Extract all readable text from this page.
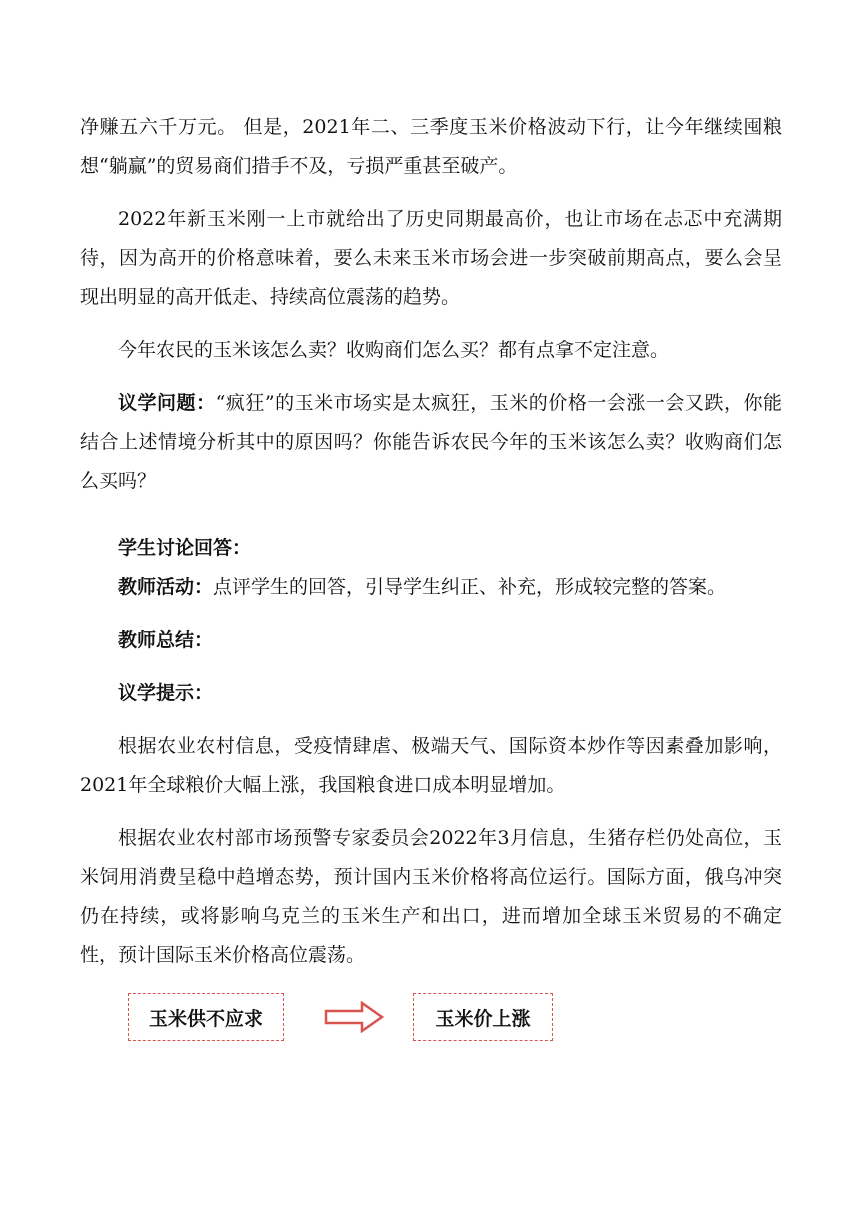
净赚五六千万元。 但是，2021年二、三季度玉米价格波动下行，让今年继续囤粮想“躺赢”的贸易商们措手不及，亏损严重甚至破产。

2022年新玉米刚一上市就给出了历史同期最高价，也让市场在忐忑中充满期待，因为高开的价格意味着，要么未来玉米市场会进一步突破前期高点，要么会呈现出明显的高开低走、持续高位震荡的趋势。

今年农民的玉米该怎么卖？收购商们怎么买？都有点拿不定注意。

议学问题：“疯狂”的玉米市场实是太疯狂，玉米的价格一会涨一会又跌，你能结合上述情境分析其中的原因吗？你能告诉农民今年的玉米该怎么卖？收购商们怎么买吗？

学生讨论回答：

教师活动：点评学生的回答，引导学生纠正、补充，形成较完整的答案。

教师总结：

议学提示：

根据农业农村信息，受疫情肆虐、极端天气、国际资本炒作等因素叠加影响，2021年全球粮价大幅上涨，我国粮食进口成本明显增加。

根据农业农村部市场预警专家委员会2022年3月信息，生猪存栏仍处高位，玉米饲用消费呈稳中趋增态势，预计国内玉米价格将高位运行。国际方面，俄乌冲突仍在持续，或将影响乌克兰的玉米生产和出口，进而增加全球玉米贸易的不确定性，预计国际玉米价格高位震荡。

玉米供不应求	玉米价上涨
